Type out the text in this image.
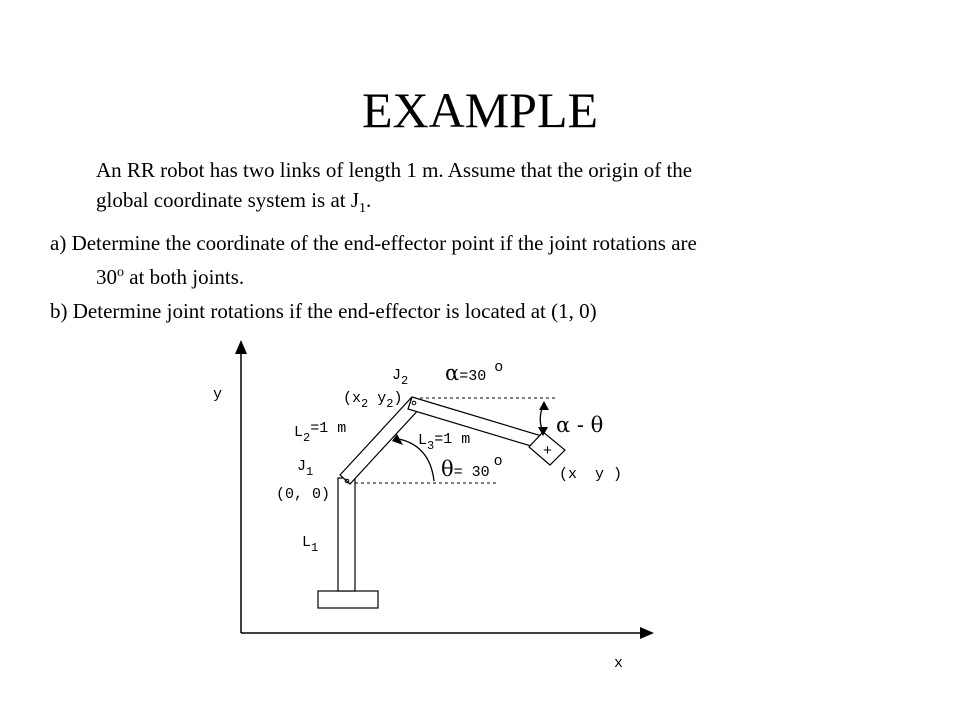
EXAMPLE
An RR robot has two links of length 1 m. Assume that the origin of the
global coordinate system is at $J_1$.
a) Determine the coordinate of the end-effector point if the joint rotations are
30$^o$ at both joints.
b) Determine joint rotations if the end-effector is located at (1, 0)
y
x
$J_2$
($x_2$ $y_2$)
α=30o
$L_2=1$ m
$L_3=1$ m
α - θ
θ= 30o
+
(x  y )
$J_1$
(0, 0)
$L_1$
